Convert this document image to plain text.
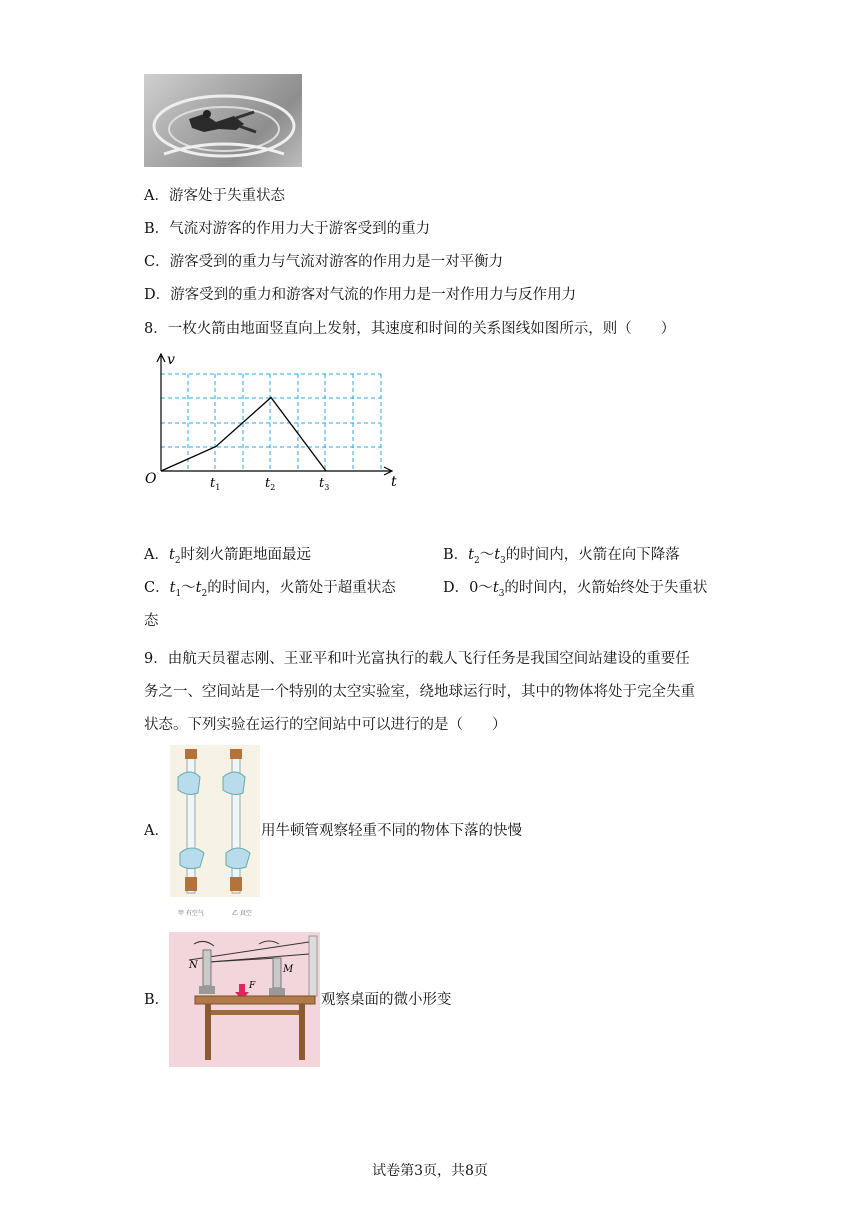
A．游客处于失重状态
B．气流对游客的作用力大于游客受到的重力
C．游客受到的重力与气流对游客的作用力是一对平衡力
D．游客受到的重力和游客对气流的作用力是一对作用力与反作用力
8．一枚火箭由地面竖直向上发射，其速度和时间的关系图线如图所示，则（　　）
v
t
O	$t_1$	$t_2$	$t_3$
A．$t_2$时刻火箭距地面最远	B．$t_2\sim t_3$的时间内，火箭在向下降落
C．$t_1\sim t_2$的时间内，火箭处于超重状态	D．$0\sim t_3$的时间内，火箭始终处于失重状
态
9．由航天员翟志刚、王亚平和叶光富执行的载人飞行任务是我国空间站建设的重要任
务之一、空间站是一个特别的太空实验室，绕地球运行时，其中的物体将处于完全失重
状态。下列实验在运行的空间站中可以进行的是（　　）
甲 有空气	乙 真空
A．	用牛顿管观察轻重不同的物体下落的快慢
N	M
F
B．	观察桌面的微小形变
试卷第3页，共8页
